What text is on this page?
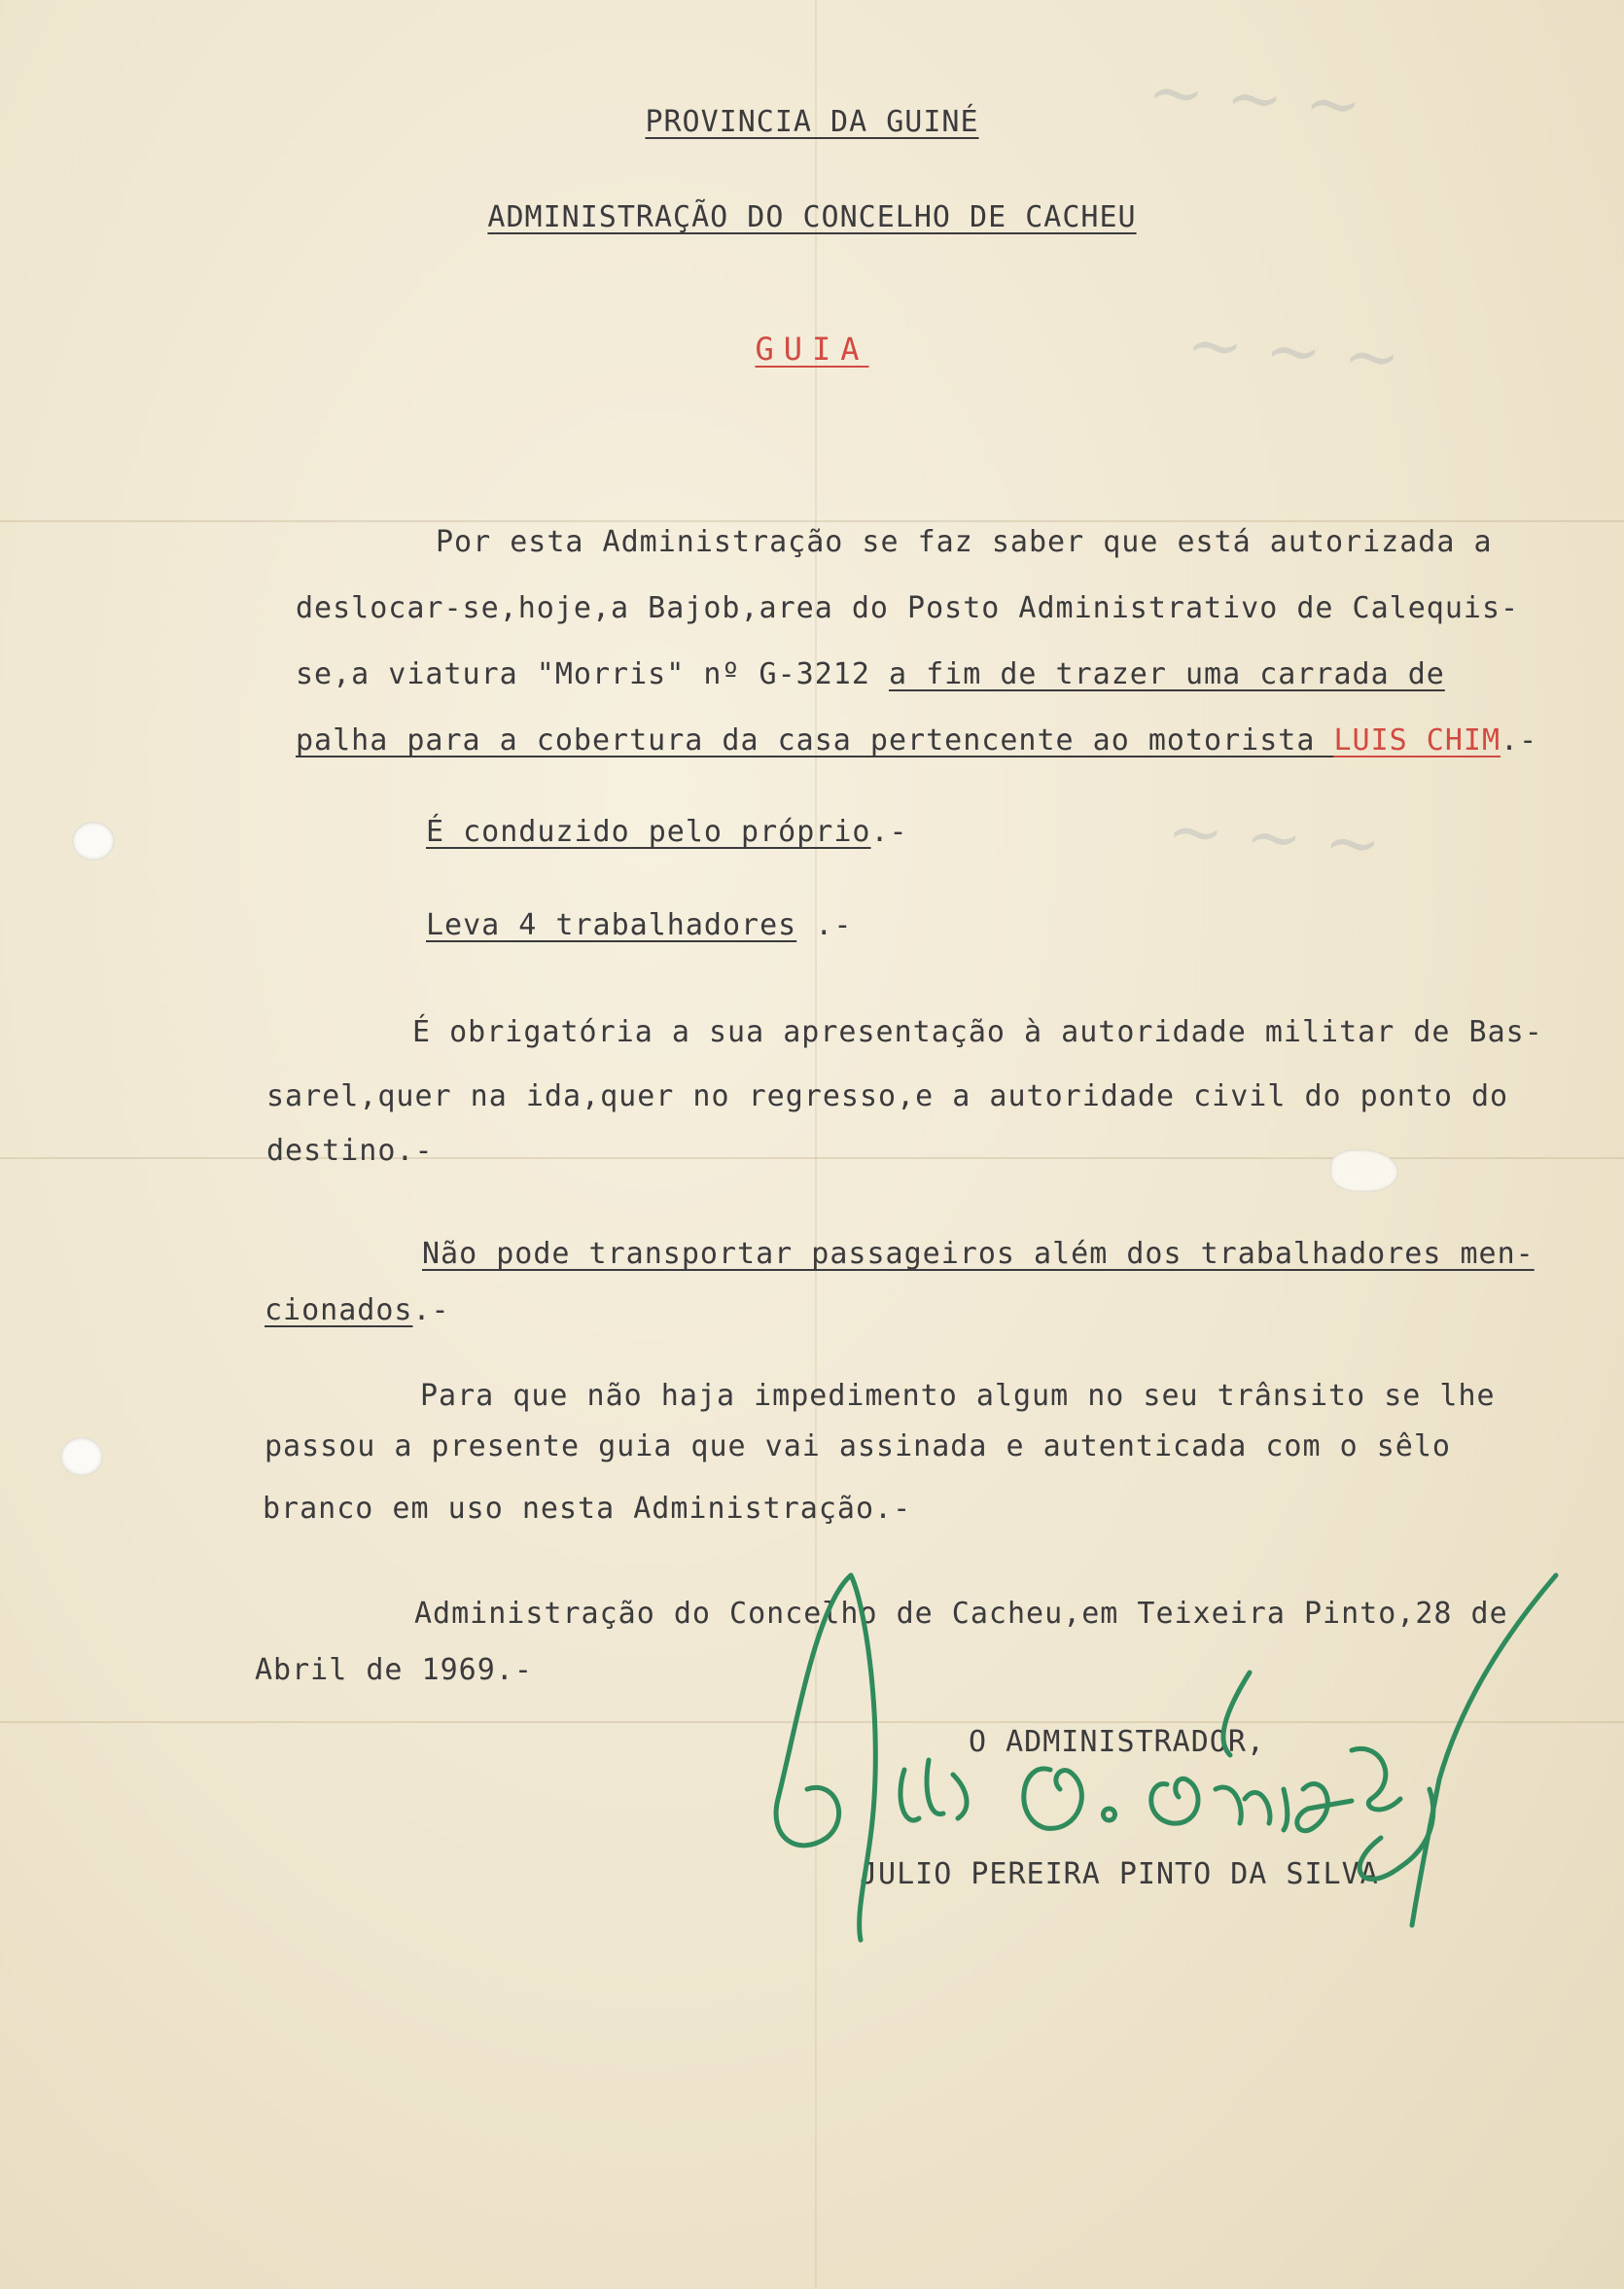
~ ~ ~
~ ~ ~
~ ~ ~
PROVINCIA DA GUINÉ
ADMINISTRAÇÃO DO CONCELHO DE CACHEU
GUIA
Por esta Administração se faz saber que está autorizada a
deslocar-se,hoje,a Bajob,area do Posto Administrativo de Calequis-
se,a viatura "Morris" nº G-3212 a fim de trazer uma carrada de
palha para a cobertura da casa pertencente ao motorista LUIS CHIM.-
É conduzido pelo próprio.-
Leva 4 trabalhadores .-
É obrigatória a sua apresentação à autoridade militar de Bas-
sarel,quer na ida,quer no regresso,e a autoridade civil do ponto do
destino.-
Não pode transportar passageiros além dos trabalhadores men-
cionados.-
Para que não haja impedimento algum no seu trânsito se lhe
passou a presente guia que vai assinada e autenticada com o sêlo
branco em uso nesta Administração.-
Administração do Concelho de Cacheu,em Teixeira Pinto,28 de
Abril de 1969.-
O ADMINISTRADOR,
JULIO PEREIRA PINTO DA SILVA
